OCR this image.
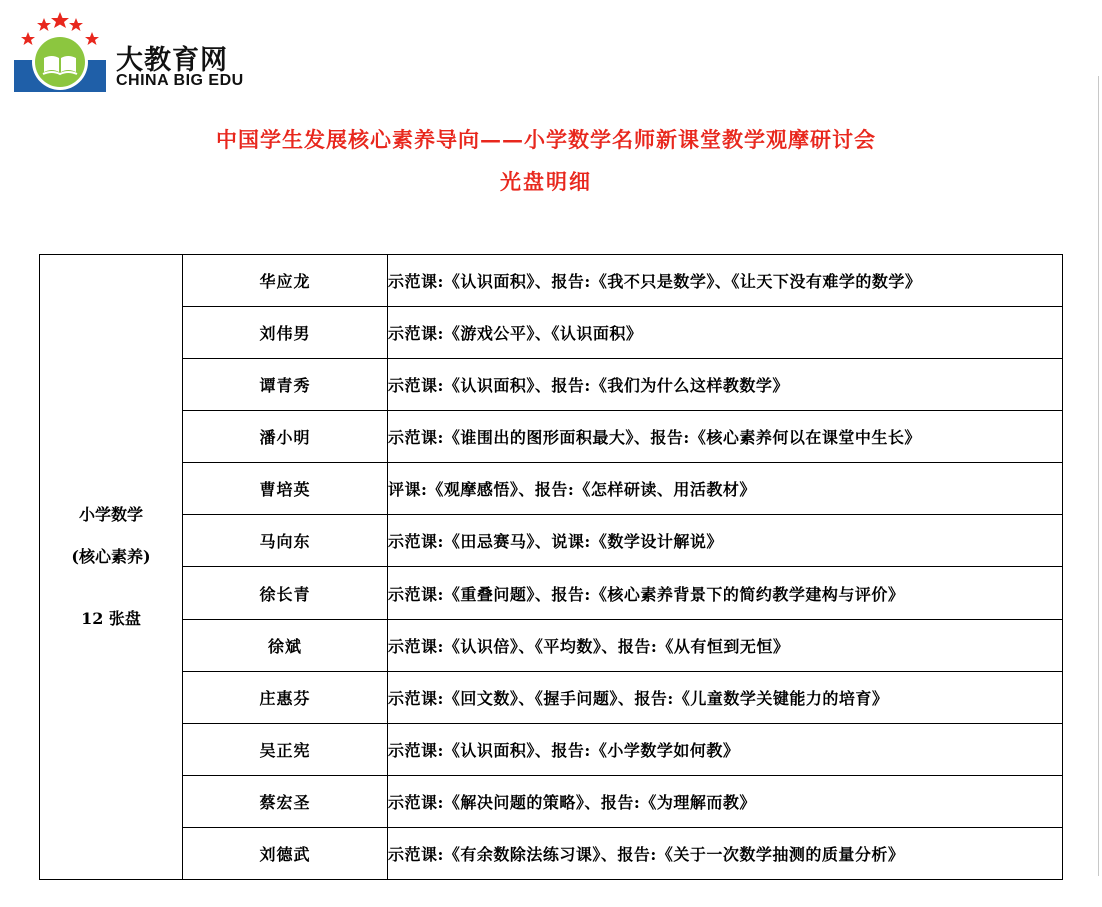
大教育网
CHINA BIG EDU
中国学生发展核心素养导向——小学数学名师新课堂教学观摩研讨会
光盘明细
小学数学
(核心素养)
12 张盘	华应龙	示范课:《认识面积》、报告:《我不只是数学》、《让天下没有难学的数学》
	刘伟男	示范课:《游戏公平》、《认识面积》
	谭青秀	示范课:《认识面积》、报告:《我们为什么这样教数学》
	潘小明	示范课:《谁围出的图形面积最大》、报告:《核心素养何以在课堂中生长》
	曹培英	评课:《观摩感悟》、报告:《怎样研读、用活教材》
	马向东	示范课:《田忌赛马》、说课:《数学设计解说》
	徐长青	示范课:《重叠问题》、报告:《核心素养背景下的简约教学建构与评价》
	徐斌	示范课:《认识倍》、《平均数》、报告:《从有恒到无恒》
	庄惠芬	示范课:《回文数》、《握手问题》、报告:《儿童数学关键能力的培育》
	吴正宪	示范课:《认识面积》、报告:《小学数学如何教》
	蔡宏圣	示范课:《解决问题的策略》、报告:《为理解而教》
	刘德武	示范课:《有余数除法练习课》、报告:《关于一次数学抽测的质量分析》
